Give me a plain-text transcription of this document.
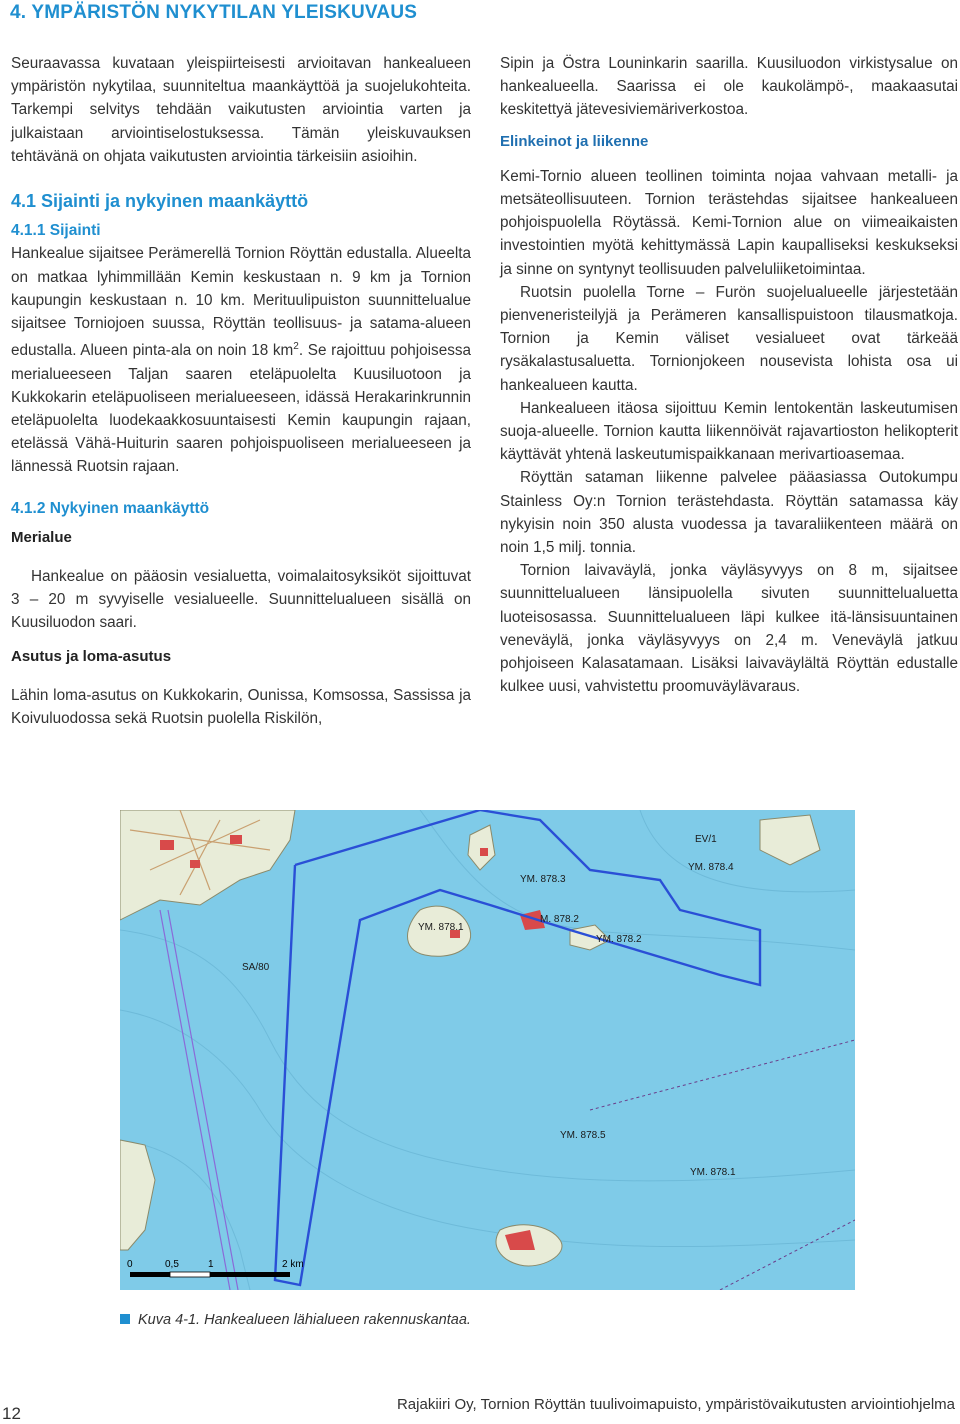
4. YMPÄRISTÖN NYKYTILAN YLEISKUVAUS

Seuraavassa kuvataan yleispiirteisesti arvioitavan hankealueen ympäristön nykytilaa, suunniteltua maankäyttöä ja suojelukohteita. Tarkempi selvitys tehdään vaikutusten arviointia varten ja julkaistaan arviointiselostuksessa. Tämän yleiskuvauksen tehtävänä on ohjata vaikutusten arviointia tärkeisiin asioihin.

4.1 Sijainti ja nykyinen maankäyttö
4.1.1 Sijainti

Hankealue sijaitsee Perämerellä Tornion Röyttän edustalla. Alueelta on matkaa lyhimmillään Kemin keskustaan n. 9 km ja Tornion kaupungin keskustaan n. 10 km. Merituulipuiston suunnittelualue sijaitsee Torniojoen suussa, Röyttän teollisuus- ja satama-alueen edustalla. Alueen pinta-ala on noin 18 $km^2$. Se rajoittuu pohjoisessa merialueeseen Taljan saaren eteläpuolelta Kuusiluotoon ja Kukkokarin eteläpuoliseen merialueeseen, idässä Herakarinkrunnin eteläpuolelta luodekaakkosuuntaisesti Kemin kaupungin rajaan, etelässä Vähä-Huiturin saaren pohjoispuoliseen merialueeseen ja lännessä Ruotsin rajaan.

4.1.2 Nykyinen maankäyttö
Merialue

Hankealue on pääosin vesialuetta, voimalaitosyksiköt sijoittuvat 3 – 20 m syvyiselle vesialueelle. Suunnittelualueen sisällä on Kuusiluodon saari.

Asutus ja loma-asutus

Lähin loma-asutus on Kukkokarin, Ounissa, Komsossa, Sassissa ja Koivuluodossa sekä Ruotsin puolella Riskilön,

Sipin ja Östra Louninkarin saarilla. Kuusiluodon virkistysalue on hankealueella. Saarissa ei ole kaukolämpö-, maakaasutai keskitettyä jätevesiviemäriverkostoa.

Elinkeinot ja liikenne

Kemi-Tornio alueen teollinen toiminta nojaa vahvaan metalli- ja metsäteollisuuteen. Tornion terästehdas sijaitsee hankealueen pohjoispuolella Röytässä. Kemi-Tornion alue on viimeaikaisten investointien myötä kehittymässä Lapin kaupalliseksi keskukseksi ja sinne on syntynyt teollisuuden palveluliiketoimintaa.

Ruotsin puolella Torne – Furön suojelualueelle järjestetään pienveneristeilyjä ja Perämeren kansallispuistoon tilausmatkoja. Tornion ja Kemin väliset vesialueet ovat tärkeää rysäkalastusaluetta. Tornionjokeen nousevista lohista osa ui hankealueen kautta.

Hankealueen itäosa sijoittuu Kemin lentokentän laskeutumisen suoja-alueelle. Tornion kautta liikennöivät rajavartioston helikopterit käyttävät yhtenä laskeutumispaikkanaan merivartioasemaa.

Röyttän sataman liikenne palvelee pääasiassa Outokumpu Stainless Oy:n Tornion terästehdasta. Röyttän satamassa käy nykyisin noin 350 alusta vuodessa ja tavaraliikenteen määrä on noin 1,5 milj. tonnia.

Tornion laivaväylä, jonka väyläsyvyys on 8 m, sijaitsee suunnittelualueen länsipuolella sivuten suunnittelualuetta luoteisosassa. Suunnittelualueen läpi kulkee itä-länsisuuntainen veneväylä, jonka väyläsyvyys on 2,4 m. Veneväylä jatkuu pohjoiseen Kalasatamaan. Lisäksi laivaväylältä Röyttän edustalle kulkee uusi, vahvistettu proomuväylävaraus.

YM. 878.3
YM. 878.4
YM. 878.1
M. 878.2
YM. 878.2
YM. 878.5
YM. 878.1
SA/80
EV/1
0	0,5	1	2 km
Kuva 4-1. Hankealueen lähialueen rakennuskantaa.
12	Rajakiiri Oy, Tornion Röyttän tuulivoimapuisto, ympäristövaikutusten arviointiohjelma
